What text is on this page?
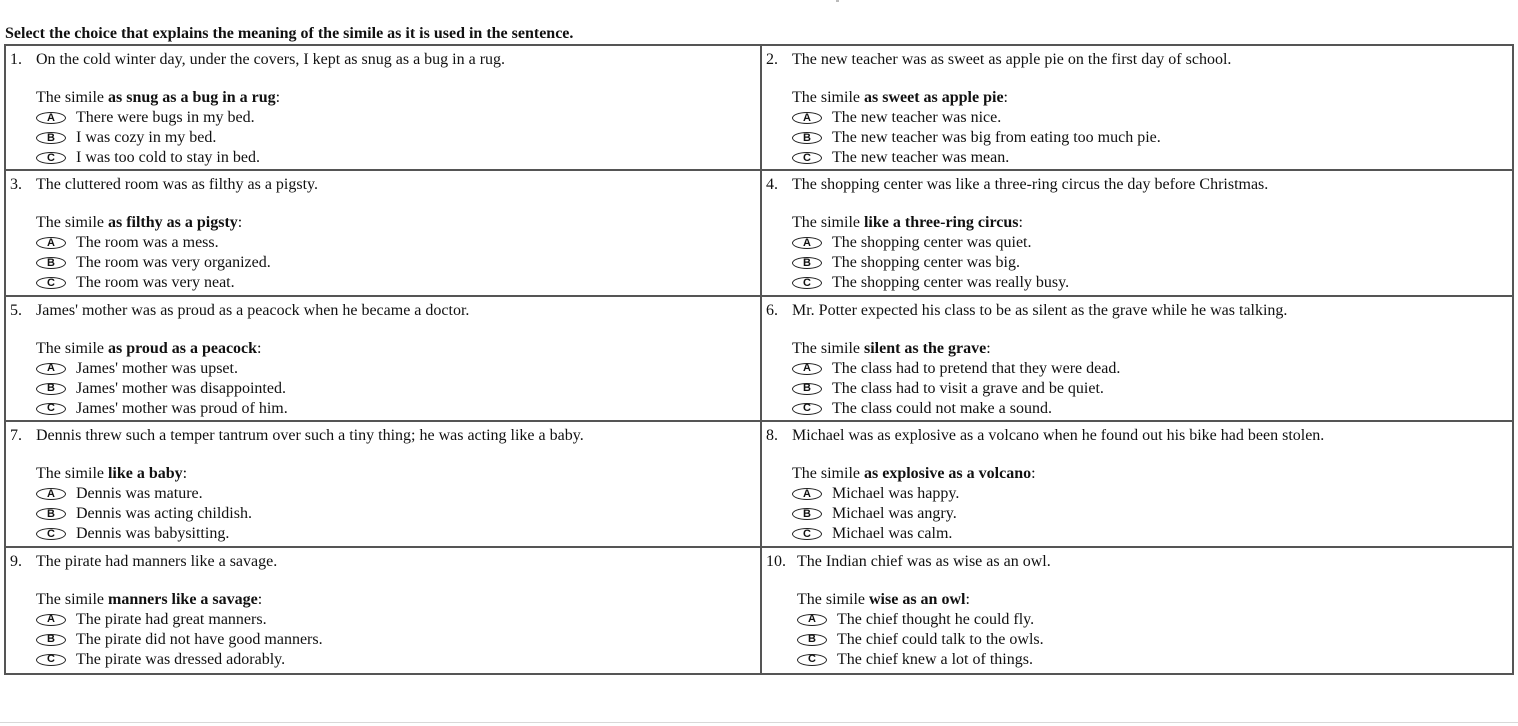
Select the choice that explains the meaning of the simile as it is used in the sentence.
1. On the cold winter day, under the covers, I kept as snug as a bug in a rug.
The simile as snug as a bug in a rug:
A	There were bugs in my bed.
B	I was cozy in my bed.
C	I was too cold to stay in bed.
2. The new teacher was as sweet as apple pie on the first day of school.
The simile as sweet as apple pie:
A	The new teacher was nice.
B	The new teacher was big from eating too much pie.
C	The new teacher was mean.
3. The cluttered room was as filthy as a pigsty.
The simile as filthy as a pigsty:
A	The room was a mess.
B	The room was very organized.
C	The room was very neat.
4. The shopping center was like a three-ring circus the day before Christmas.
The simile like a three-ring circus:
A	The shopping center was quiet.
B	The shopping center was big.
C	The shopping center was really busy.
5. James' mother was as proud as a peacock when he became a doctor.
The simile as proud as a peacock:
A	James' mother was upset.
B	James' mother was disappointed.
C	James' mother was proud of him.
6. Mr. Potter expected his class to be as silent as the grave while he was talking.
The simile silent as the grave:
A	The class had to pretend that they were dead.
B	The class had to visit a grave and be quiet.
C	The class could not make a sound.
7. Dennis threw such a temper tantrum over such a tiny thing; he was acting like a baby.
The simile like a baby:
A	Dennis was mature.
B	Dennis was acting childish.
C	Dennis was babysitting.
8. Michael was as explosive as a volcano when he found out his bike had been stolen.
The simile as explosive as a volcano:
A	Michael was happy.
B	Michael was angry.
C	Michael was calm.
9. The pirate had manners like a savage.
The simile manners like a savage:
A	The pirate had great manners.
B	The pirate did not have good manners.
C	The pirate was dressed adorably.
10. The Indian chief was as wise as an owl.
The simile wise as an owl:
A	The chief thought he could fly.
B	The chief could talk to the owls.
C	The chief knew a lot of things.
